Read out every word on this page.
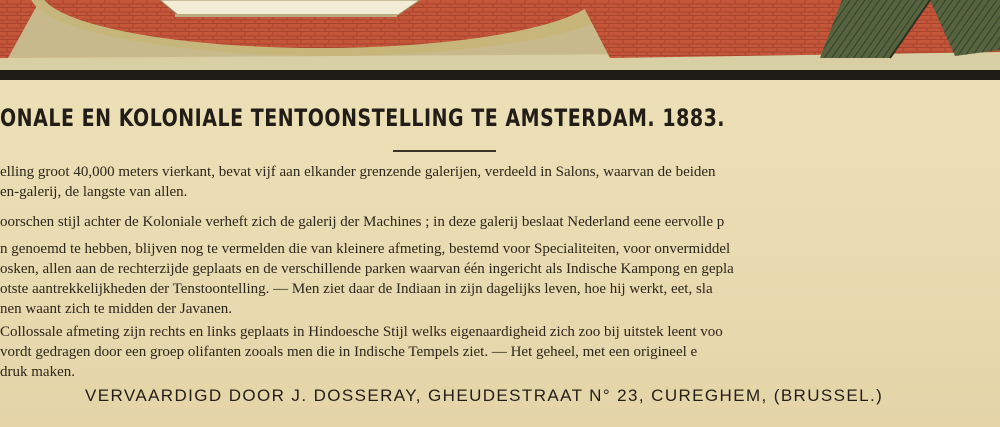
ONALE EN KOLONIALE TENTOONSTELLING TE AMSTERDAM. 1883.
elling groot 40,000 meters vierkant, bevat vijf aan elkander grenzende galerijen, verdeeld in Salons, waarvan de beiden
en-galerij, de langste van allen.
oorschen stijl achter de Koloniale verheft zich de galerij der Machines ; in deze galerij beslaat Nederland eene eervolle p
n genoemd te hebben, blijven nog te vermelden die van kleinere afmeting, bestemd voor Specialiteiten, voor onvermiddel
osken, allen aan de rechterzijde geplaats en de verschillende parken waarvan één ingericht als Indische Kampong en gepla
otste aantrekkelijkheden der Tenstoontelling. — Men ziet daar de Indiaan in zijn dagelijks leven, hoe hij werkt, eet, sla
nen waant zich te midden der Javanen.
Collossale afmeting zijn rechts en links geplaats in Hindoesche Stijl welks eigenaardigheid zich zoo bij uitstek leent voo
vordt gedragen door een groep olifanten zooals men die in Indische Tempels ziet. — Het geheel, met een origineel e
druk maken.
VERVAARDIGD DOOR J. DOSSERAY, GHEUDESTRAAT N° 23, CUREGHEM, (BRUSSEL.)
